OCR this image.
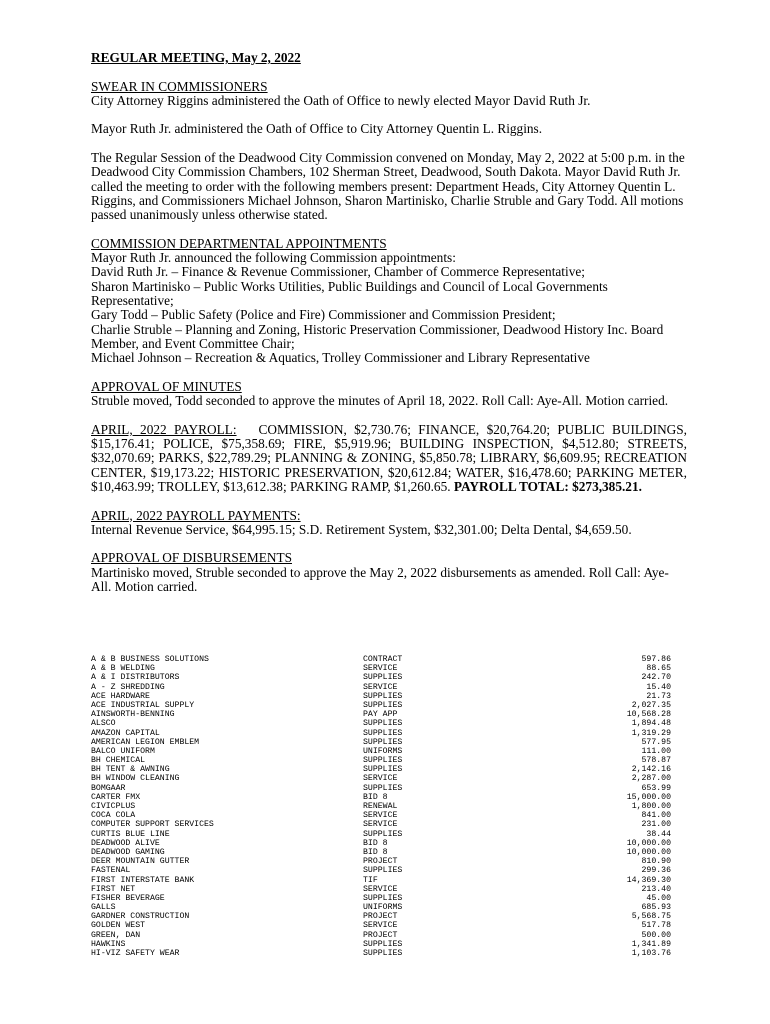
REGULAR MEETING, May 2, 2022

SWEAR IN COMMISSIONERS

City Attorney Riggins administered the Oath of Office to newly elected Mayor David Ruth Jr.

Mayor Ruth Jr. administered the Oath of Office to City Attorney Quentin L. Riggins.

The Regular Session of the Deadwood City Commission convened on Monday, May 2, 2022 at 5:00 p.m. in the Deadwood City Commission Chambers, 102 Sherman Street, Deadwood, South Dakota. Mayor David Ruth Jr. called the meeting to order with the following members present: Department Heads, City Attorney Quentin L. Riggins, and Commissioners Michael Johnson, Sharon Martinisko, Charlie Struble and Gary Todd. All motions passed unanimously unless otherwise stated.

COMMISSION DEPARTMENTAL APPOINTMENTS

Mayor Ruth Jr. announced the following Commission appointments:

David Ruth Jr. – Finance & Revenue Commissioner, Chamber of Commerce Representative;

Sharon Martinisko – Public Works Utilities, Public Buildings and Council of Local Governments Representative;

Gary Todd – Public Safety (Police and Fire) Commissioner and Commission President;

Charlie Struble – Planning and Zoning, Historic Preservation Commissioner, Deadwood History Inc. Board Member, and Event Committee Chair;

Michael Johnson – Recreation & Aquatics, Trolley Commissioner and Library Representative

APPROVAL OF MINUTES

Struble moved, Todd seconded to approve the minutes of April 18, 2022. Roll Call: Aye-All. Motion carried.

APRIL, 2022 PAYROLL: COMMISSION, $2,730.76; FINANCE, $20,764.20; PUBLIC BUILDINGS, $15,176.41; POLICE, $75,358.69; FIRE, $5,919.96; BUILDING INSPECTION, $4,512.80; STREETS, $32,070.69; PARKS, $22,789.29; PLANNING & ZONING, $5,850.78; LIBRARY, $6,609.95; RECREATION CENTER, $19,173.22; HISTORIC PRESERVATION, $20,612.84; WATER, $16,478.60; PARKING METER, $10,463.99; TROLLEY, $13,612.38; PARKING RAMP, $1,260.65. PAYROLL TOTAL: $273,385.21.

APRIL, 2022 PAYROLL PAYMENTS:

Internal Revenue Service, $64,995.15; S.D. Retirement System, $32,301.00; Delta Dental, $4,659.50.

APPROVAL OF DISBURSEMENTS

Martinisko moved, Struble seconded to approve the May 2, 2022 disbursements as amended. Roll Call: Aye-All. Motion carried.

A & B BUSINESS SOLUTIONS	CONTRACT	597.86
A & B WELDING	SERVICE	88.65
A & I DISTRIBUTORS	SUPPLIES	242.70
A - Z SHREDDING	SERVICE	15.40
ACE HARDWARE	SUPPLIES	21.73
ACE INDUSTRIAL SUPPLY	SUPPLIES	2,027.35
AINSWORTH-BENNING	PAY APP	10,568.28
ALSCO	SUPPLIES	1,894.48
AMAZON CAPITAL	SUPPLIES	1,319.29
AMERICAN LEGION EMBLEM	SUPPLIES	577.95
BALCO UNIFORM	UNIFORMS	111.00
BH CHEMICAL	SUPPLIES	578.87
BH TENT & AWNING	SUPPLIES	2,142.16
BH WINDOW CLEANING	SERVICE	2,287.00
BOMGAAR	SUPPLIES	653.99
CARTER FMX	BID 8	15,000.00
CIVICPLUS	RENEWAL	1,800.00
COCA COLA	SERVICE	841.00
COMPUTER SUPPORT SERVICES	SERVICE	231.00
CURTIS BLUE LINE	SUPPLIES	38.44
DEADWOOD ALIVE	BID 8	10,000.00
DEADWOOD GAMING	BID 8	10,000.00
DEER MOUNTAIN GUTTER	PROJECT	810.90
FASTENAL	SUPPLIES	299.36
FIRST INTERSTATE BANK	TIF	14,369.30
FIRST NET	SERVICE	213.40
FISHER BEVERAGE	SUPPLIES	45.00
GALLS	UNIFORMS	685.93
GARDNER CONSTRUCTION	PROJECT	5,568.75
GOLDEN WEST	SERVICE	517.78
GREEN, DAN	PROJECT	500.00
HAWKINS	SUPPLIES	1,341.89
HI-VIZ SAFETY WEAR	SUPPLIES	1,103.76
